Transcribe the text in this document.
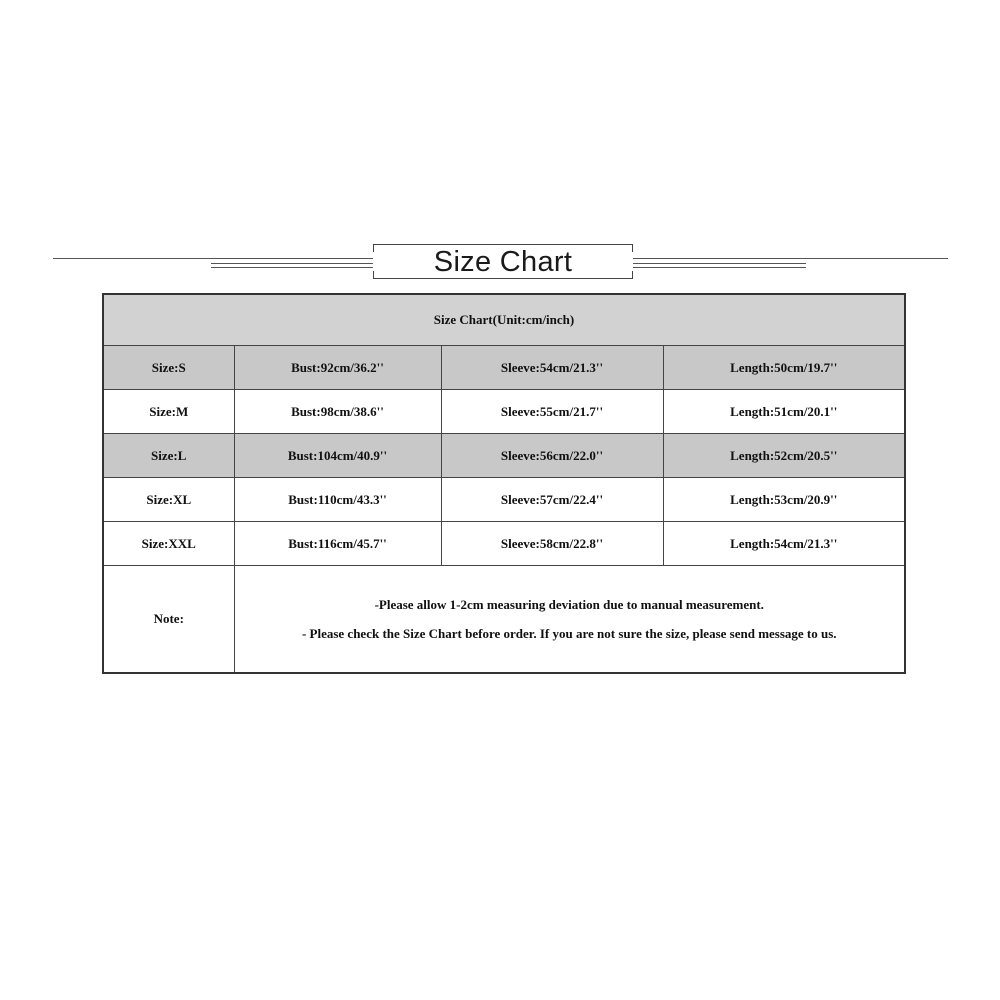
Size Chart
Size Chart(Unit:cm/inch)			
Size:S	Bust:92cm/36.2''	Sleeve:54cm/21.3''	Length:50cm/19.7''
Size:M	Bust:98cm/38.6''	Sleeve:55cm/21.7''	Length:51cm/20.1''
Size:L	Bust:104cm/40.9''	Sleeve:56cm/22.0''	Length:52cm/20.5''
Size:XL	Bust:110cm/43.3''	Sleeve:57cm/22.4''	Length:53cm/20.9''
Size:XXL	Bust:116cm/45.7''	Sleeve:58cm/22.8''	Length:54cm/21.3''
Note:	-Please allow 1-2cm measuring deviation due to manual measurement.
- Please check the Size Chart before order. If you are not sure the size, please send message to us.		
